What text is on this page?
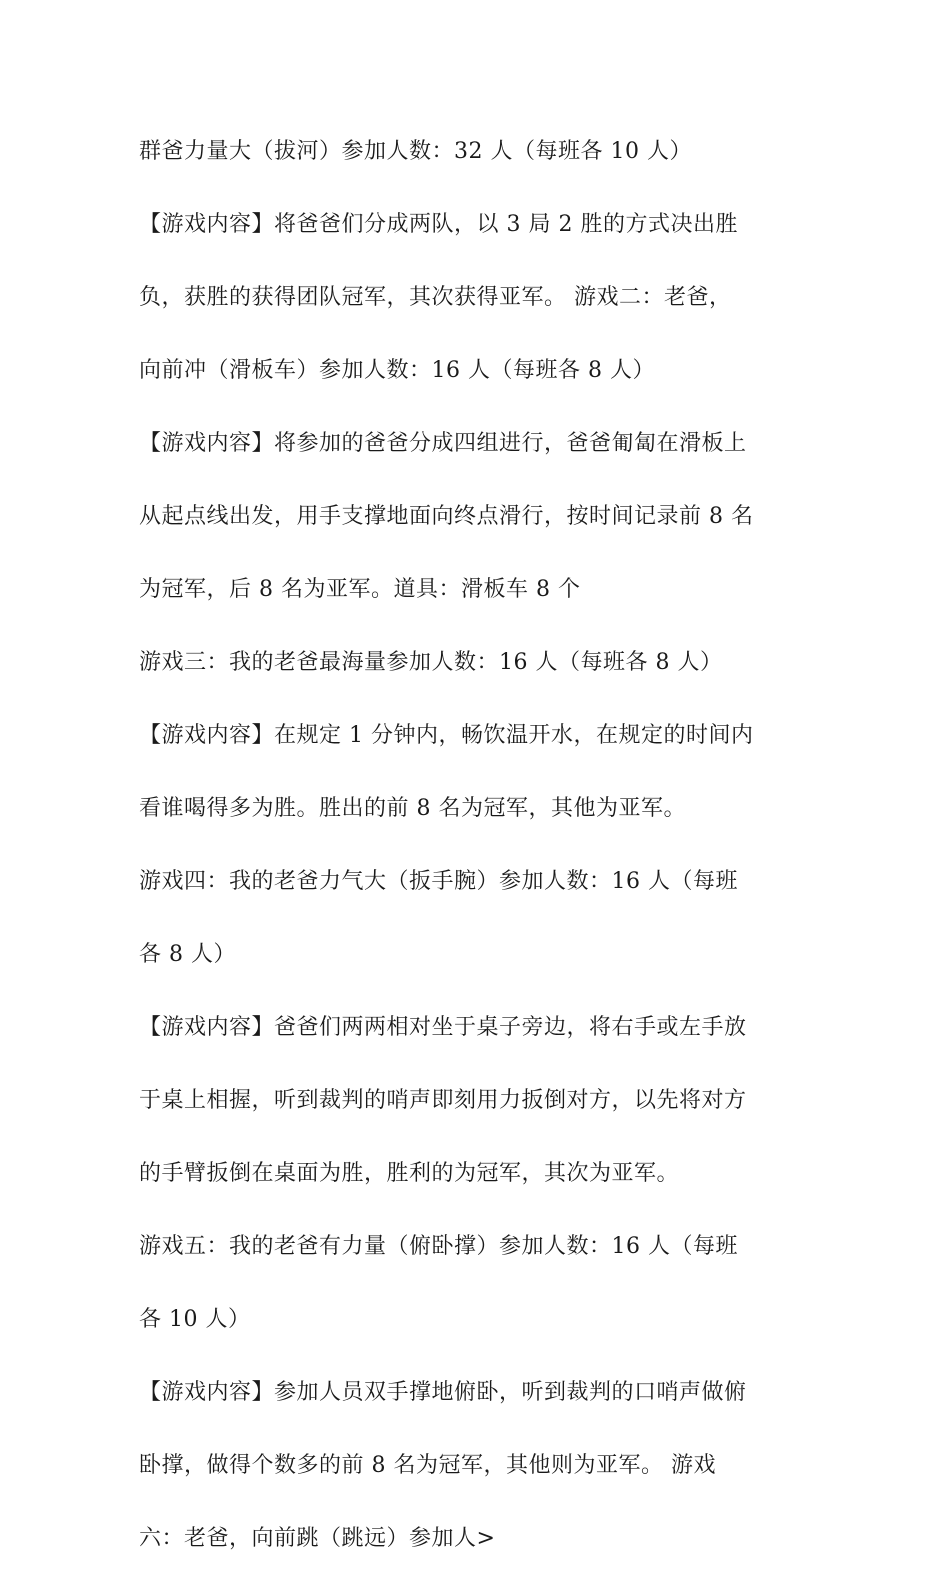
群爸力量大（拔河）参加人数：32 人（每班各 10 人）

【游戏内容】将爸爸们分成两队，以 3 局 2 胜的方式决出胜

负，获胜的获得团队冠军，其次获得亚军。 游戏二：老爸，

向前冲（滑板车）参加人数：16 人（每班各 8 人）

【游戏内容】将参加的爸爸分成四组进行，爸爸匍匐在滑板上

从起点线出发，用手支撑地面向终点滑行，按时间记录前 8 名

为冠军，后 8 名为亚军。道具：滑板车 8 个

游戏三：我的老爸最海量参加人数：16 人（每班各 8 人）

【游戏内容】在规定 1 分钟内，畅饮温开水，在规定的时间内

看谁喝得多为胜。胜出的前 8 名为冠军，其他为亚军。

游戏四：我的老爸力气大（扳手腕）参加人数：16 人（每班

各 8 人）

【游戏内容】爸爸们两两相对坐于桌子旁边，将右手或左手放

于桌上相握，听到裁判的哨声即刻用力扳倒对方，以先将对方

的手臂扳倒在桌面为胜，胜利的为冠军，其次为亚军。

游戏五：我的老爸有力量（俯卧撑）参加人数：16 人（每班

各 10 人）

【游戏内容】参加人员双手撑地俯卧，听到裁判的口哨声做俯

卧撑，做得个数多的前 8 名为冠军，其他则为亚军。 游戏

六：老爸，向前跳（跳远）参加人>
